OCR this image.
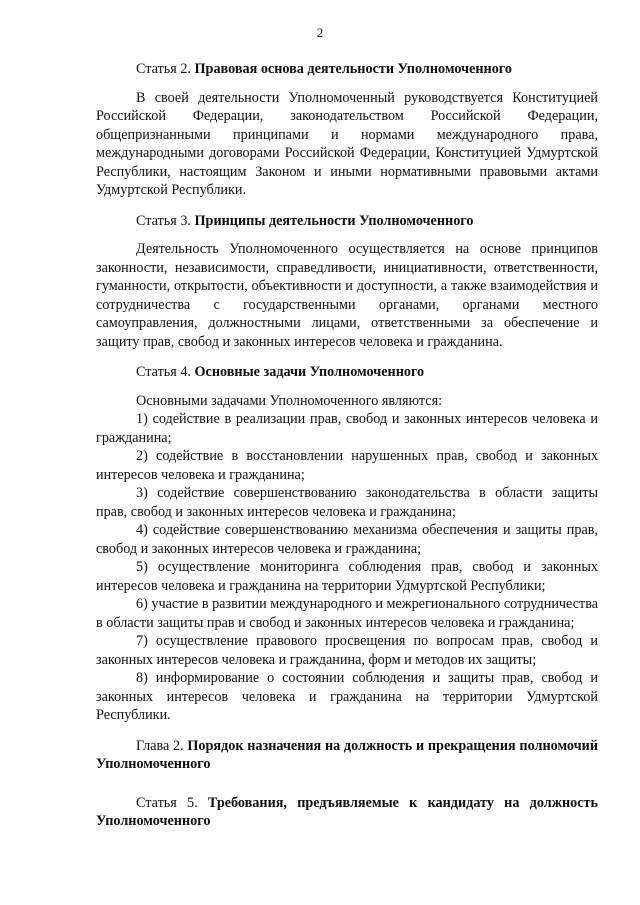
2

Статья 2. Правовая основа деятельности Уполномоченного

В своей деятельности Уполномоченный руководствуется Конституцией Российской Федерации, законодательством Российской Федерации, общепризнанными принципами и нормами международного права, международными договорами Российской Федерации, Конституцией Удмуртской Республики, настоящим Законом и иными нормативными правовыми актами Удмуртской Республики.

Статья 3. Принципы деятельности Уполномоченного

Деятельность Уполномоченного осуществляется на основе принципов законности, независимости, справедливости, инициативности, ответственности, гуманности, открытости, объективности и доступности, а также взаимодействия и сотрудничества с государственными органами, органами местного самоуправления, должностными лицами, ответственными за обеспечение и защиту прав, свобод и законных интересов человека и гражданина.

Статья 4. Основные задачи Уполномоченного

Основными задачами Уполномоченного являются:

1) содействие в реализации прав, свобод и законных интересов человека и гражданина;

2) содействие в восстановлении нарушенных прав, свобод и законных интересов человека и гражданина;

3) содействие совершенствованию законодательства в области защиты прав, свобод и законных интересов человека и гражданина;

4) содействие совершенствованию механизма обеспечения и защиты прав, свобод и законных интересов человека и гражданина;

5) осуществление мониторинга соблюдения прав, свобод и законных интересов человека и гражданина на территории Удмуртской Республики;

6) участие в развитии международного и межрегионального сотрудничества в области защиты прав и свобод и законных интересов человека и гражданина;

7) осуществление правового просвещения по вопросам прав, свобод и законных интересов человека и гражданина, форм и методов их защиты;

8) информирование о состоянии соблюдения и защиты прав, свобод и законных интересов человека и гражданина на территории Удмуртской Республики.

Глава 2. Порядок назначения на должность и прекращения полномочий Уполномоченного

Статья 5. Требования, предъявляемые к кандидату на должность Уполномоченного
